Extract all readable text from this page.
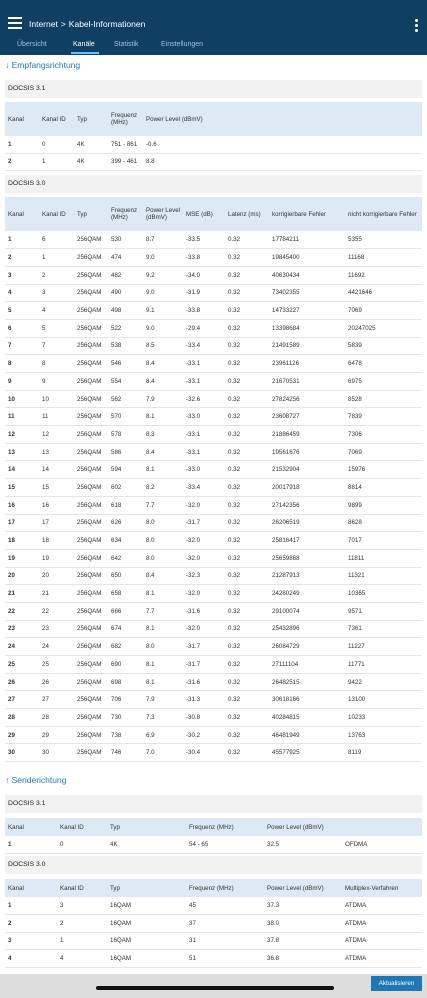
Internet > Kabel-Informationen
Übersicht	Kanäle	Statistik	Einstellungen
↓ Empfangsrichtung
DOCSIS 3.1
Kanal	Kanal ID	Typ	Frequenz (MHz)	Power Level (dBmV)
1	0	4K	751 - 861	-0.6
2	1	4K	399 - 461	8.8
DOCSIS 3.0
Kanal	Kanal ID	Typ	Frequenz (MHz)	Power Level (dBmV)	MSE (dB)	Latenz (ms)	korrigierbare Fehler	nicht korrigierbare Fehler
1	6	256QAM	530	8.7	-33.5	0.32	17784211	5355
2	1	256QAM	474	9.0	-33.8	0.32	19845400	11168
3	2	256QAM	482	9.2	-34.0	0.32	40630434	11692
4	3	256QAM	490	9.0	-31.9	0.32	73402355	4421646
5	4	256QAM	498	9.1	-33.8	0.32	14733227	7069
6	5	256QAM	522	9.0	-29.4	0.32	13398684	20247025
7	7	256QAM	538	8.5	-33.4	0.32	21491589	5839
8	8	256QAM	546	8.4	-33.1	0.32	23961126	6478
9	9	256QAM	554	8.4	-33.1	0.32	21670531	6975
10	10	256QAM	562	7.9	-32.6	0.32	27824256	8528
11	11	256QAM	570	8.1	-33.0	0.32	23608727	7839
12	12	256QAM	578	8.3	-33.1	0.32	21886459	7306
13	13	256QAM	586	8.4	-33.1	0.32	19561676	7069
14	14	256QAM	594	8.1	-33.0	0.32	21532904	15976
15	15	256QAM	602	8.2	-33.4	0.32	20017918	8814
16	16	256QAM	618	7.7	-32.0	0.32	27142356	9899
17	17	256QAM	626	8.0	-31.7	0.32	26206519	8628
18	18	256QAM	634	8.0	-32.0	0.32	25816417	7017
19	19	256QAM	642	8.0	-32.0	0.32	25659868	11811
20	20	256QAM	650	8.4	-32.3	0.32	21287913	11321
21	21	256QAM	658	8.1	-32.0	0.32	24280249	10365
22	22	256QAM	666	7.7	-31.6	0.32	29100074	9571
23	23	256QAM	674	8.1	-32.0	0.32	25432896	7361
24	24	256QAM	682	8.0	-31.7	0.32	26084729	11227
25	25	256QAM	690	8.1	-31.7	0.32	27111104	11771
26	26	256QAM	698	8.1	-31.6	0.32	26482515	9422
27	27	256QAM	706	7.9	-31.3	0.32	30618166	13100
28	28	256QAM	730	7.3	-30.8	0.32	40284815	10233
29	29	256QAM	738	6.9	-30.2	0.32	46481949	13763
30	30	256QAM	746	7.0	-30.4	0.32	45577925	8119
↑ Senderichtung
DOCSIS 3.1
Kanal	Kanal ID	Typ	Frequenz (MHz)	Power Level (dBmV)	
1	0	4K	54 - 65	32.5	OFDMA
DOCSIS 3.0
Kanal	Kanal ID	Typ	Frequenz (MHz)	Power Level (dBmV)	Multiplex-Verfahren
1	3	16QAM	45	37.3	ATDMA
2	2	16QAM	37	38.0	ATDMA
3	1	16QAM	31	37.8	ATDMA
4	4	16QAM	51	36.8	ATDMA
Aktualisieren
